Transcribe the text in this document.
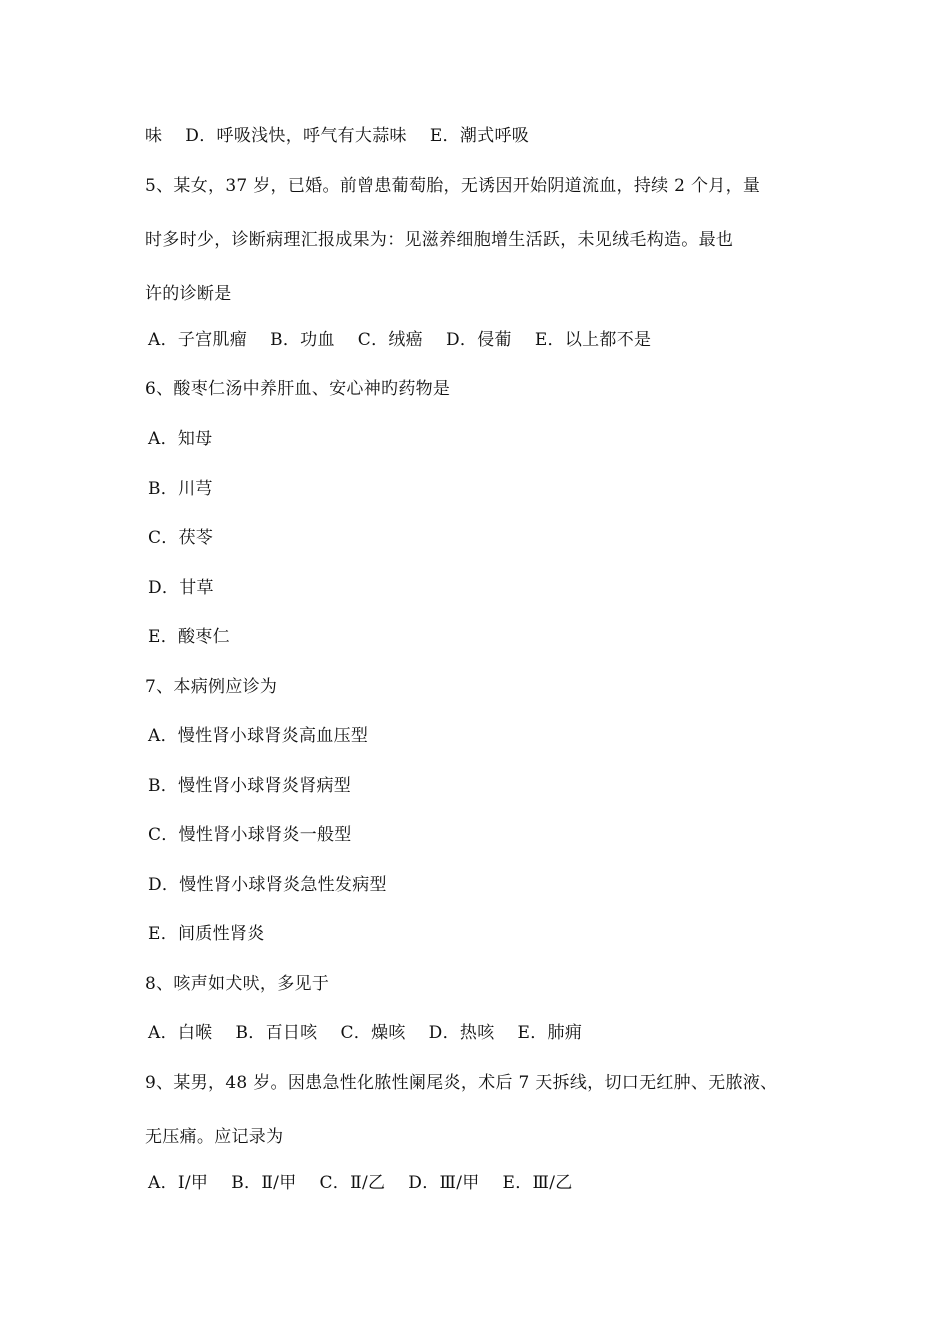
味　 D．呼吸浅快，呼气有大蒜味　 E．潮式呼吸
5、某女，37 岁，已婚。前曾患葡萄胎，无诱因开始阴道流血，持续 2 个月，量
时多时少，诊断病理汇报成果为：见滋养细胞增生活跃，未见绒毛构造。最也
许的诊断是
A．子宫肌瘤　 B．功血　 C．绒癌　 D．侵葡　 E．以上都不是
6、酸枣仁汤中养肝血、安心神旳药物是
A．知母
B．川芎
C．茯苓
D．甘草
E．酸枣仁
7、本病例应诊为
A．慢性肾小球肾炎高血压型
B．慢性肾小球肾炎肾病型
C．慢性肾小球肾炎一般型
D．慢性肾小球肾炎急性发病型
E．间质性肾炎
8、咳声如犬吠，多见于
A．白喉　 B．百日咳　 C．燥咳　 D．热咳　 E．肺痈
9、某男，48 岁。因患急性化脓性阑尾炎，术后 7 天拆线，切口无红肿、无脓液、
无压痛。应记录为
A．Ⅰ/甲　 B．Ⅱ/甲　 C．Ⅱ/乙　 D．Ⅲ/甲　 E．Ⅲ/乙
